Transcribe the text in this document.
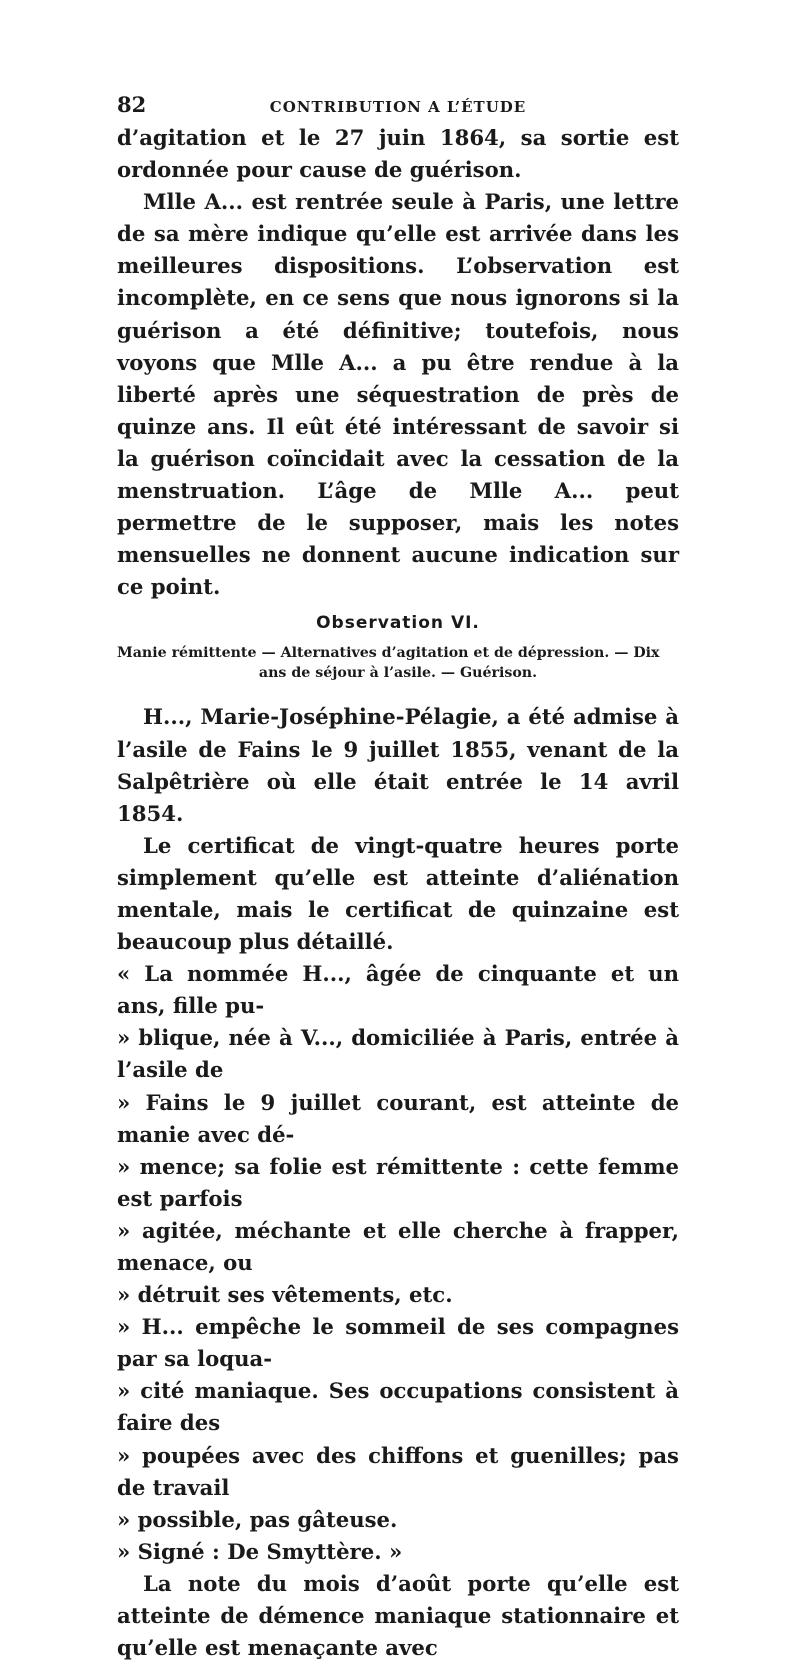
82	CONTRIBUTION A L’ÉTUDE

d’agitation et le 27 juin 1864, sa sortie est ordonnée pour cause de guérison.

Mlle A... est rentrée seule à Paris, une lettre de sa mère indique qu’elle est arrivée dans les meilleures dispositions. L’observation est incomplète, en ce sens que nous ignorons si la guérison a été définitive; toutefois, nous voyons que Mlle A... a pu être rendue à la liberté après une séquestration de près de quinze ans. Il eût été intéressant de savoir si la guérison coïncidait avec la cessation de la menstruation. L’âge de Mlle A... peut permettre de le supposer, mais les notes mensuelles ne donnent aucune indication sur ce point.

Observation VI.
Manie rémittente — Alternatives d’agitation et de dépression. — Dix
ans de séjour à l’asile. — Guérison.

H..., Marie-Joséphine-Pélagie, a été admise à l’asile de Fains le 9 juillet 1855, venant de la Salpêtrière où elle était entrée le 14 avril 1854.

Le certificat de vingt-quatre heures porte simplement qu’elle est atteinte d’aliénation mentale, mais le certificat de quinzaine est beaucoup plus détaillé.

« La nommée H..., âgée de cinquante et un ans, fille pu-

» blique, née à V..., domiciliée à Paris, entrée à l’asile de

» Fains le 9 juillet courant, est atteinte de manie avec dé-

» mence; sa folie est rémittente : cette femme est parfois

» agitée, méchante et elle cherche à frapper, menace, ou

» détruit ses vêtements, etc.

» H... empêche le sommeil de ses compagnes par sa loqua-

» cité maniaque. Ses occupations consistent à faire des

» poupées avec des chiffons et guenilles; pas de travail

» possible, pas gâteuse.

» Signé : De Smyttère. »

La note du mois d’août porte qu’elle est atteinte de démence maniaque stationnaire et qu’elle est menaçante avec
